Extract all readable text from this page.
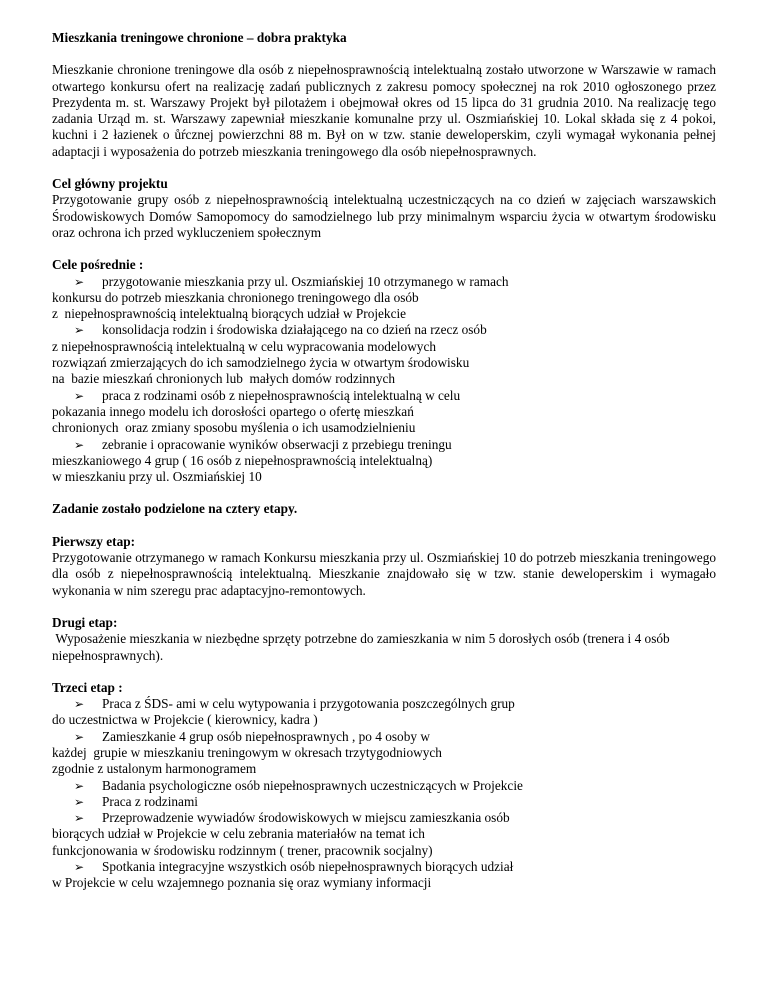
Mieszkania treningowe chronione – dobra praktyka

Mieszkanie chronione treningowe dla osób z niepełnosprawnością intelektualną zostało utworzone w Warszawie w ramach otwartego konkursu ofert na realizację zadań publicznych z zakresu pomocy społecznej na rok 2010 ogłoszonego przez Prezydenta m. st. Warszawy Projekt był pilotażem i obejmował okres od 15 lipca do 31 grudnia 2010. Na realizację tego zadania Urząd m. st. Warszawy zapewniał mieszkanie komunalne przy ul. Oszmiańskiej 10. Lokal składa się z 4 pokoi, kuchni i 2 łazienek o ůŕcznej powierzchni 88 m. Był on w tzw. stanie deweloperskim, czyli wymagał wykonania pełnej adaptacji i wyposażenia do potrzeb mieszkania treningowego dla osób niepełnosprawnych.

Cel główny projektu

Przygotowanie grupy osób z niepełnosprawnością intelektualną uczestniczących na co dzień w zajęciach warszawskich Środowiskowych Domów Samopomocy do samodzielnego lub przy minimalnym wsparciu życia w otwartym środowisku oraz ochrona ich przed wykluczeniem społecznym

Cele pośrednie :

➢ przygotowanie mieszkania przy ul. Oszmiańskiej 10 otrzymanego w ramach
konkursu do potrzeb mieszkania chronionego treningowego dla osób
z  niepełnosprawnością intelektualną biorących udział w Projekcie
➢ konsolidacja rodzin i środowiska działającego na co dzień na rzecz osób
z niepełnosprawnością intelektualną w celu wypracowania modelowych
rozwiązań zmierzających do ich samodzielnego życia w otwartym środowisku
na  bazie mieszkań chronionych lub  małych domów rodzinnych
➢ praca z rodzinami osób z niepełnosprawnością intelektualną w celu
pokazania innego modelu ich dorosłości opartego o ofertę mieszkań
chronionych  oraz zmiany sposobu myślenia o ich usamodzielnieniu
➢ zebranie i opracowanie wyników obserwacji z przebiegu treningu
mieszkaniowego 4 grup ( 16 osób z niepełnosprawnością intelektualną)
w mieszkaniu przy ul. Oszmiańskiej 10

Zadanie zostało podzielone na cztery etapy.

Pierwszy etap:

Przygotowanie otrzymanego w ramach Konkursu mieszkania przy ul. Oszmiańskiej 10 do potrzeb mieszkania treningowego dla osób z niepełnosprawnością intelektualną. Mieszkanie znajdowało się w tzw. stanie deweloperskim i wymagało wykonania w nim szeregu prac adaptacyjno-remontowych.

Drugi etap:

Wyposażenie mieszkania w niezbędne sprzęty potrzebne do zamieszkania w nim 5 dorosłych osób (trenera i 4 osób niepełnosprawnych).

Trzeci etap :

➢ Praca z ŚDS- ami w celu wytypowania i przygotowania poszczególnych grup
do uczestnictwa w Projekcie ( kierownicy, kadra )
➢ Zamieszkanie 4 grup osób niepełnosprawnych , po 4 osoby w
każdej  grupie w mieszkaniu treningowym w okresach trzytygodniowych
zgodnie z ustalonym harmonogramem
➢ Badania psychologiczne osób niepełnosprawnych uczestniczących w Projekcie
➢ Praca z rodzinami
➢ Przeprowadzenie wywiadów środowiskowych w miejscu zamieszkania osób
biorących udział w Projekcie w celu zebrania materiałów na temat ich
funkcjonowania w środowisku rodzinnym ( trener, pracownik socjalny)
➢ Spotkania integracyjne wszystkich osób niepełnosprawnych biorących udział
w Projekcie w celu wzajemnego poznania się oraz wymiany informacji
